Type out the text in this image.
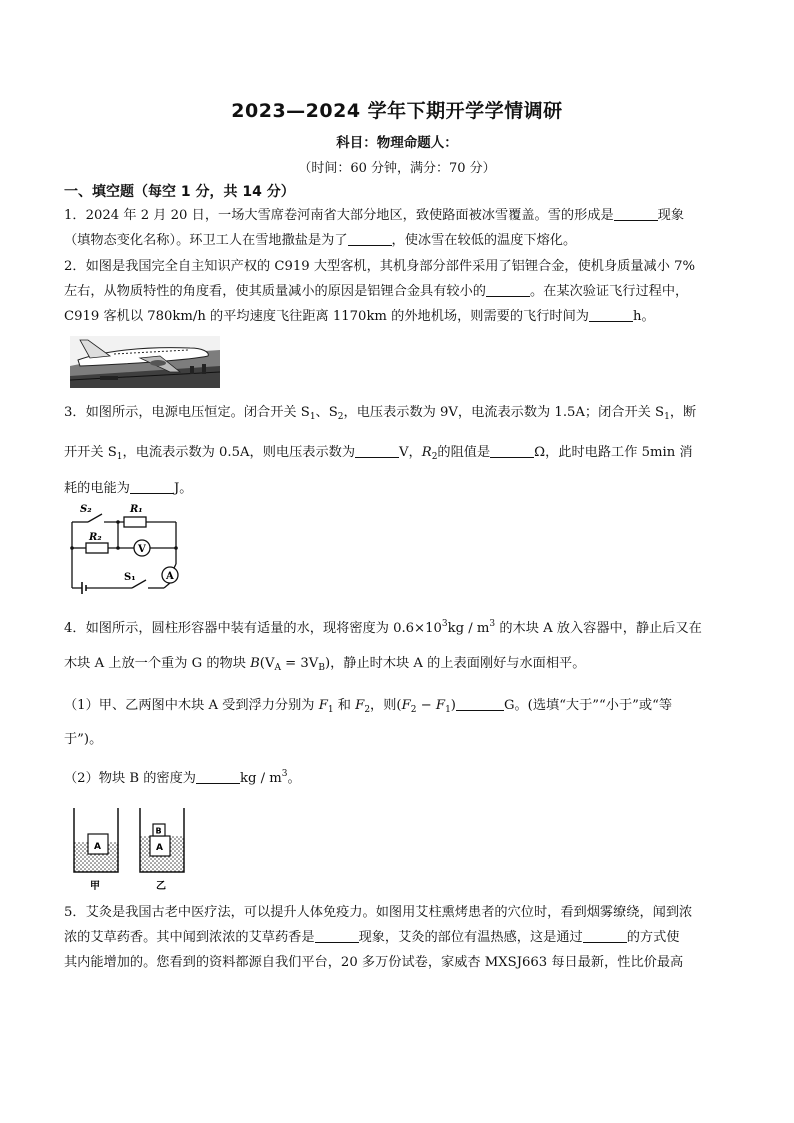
2023—2024 学年下期开学学情调研
科目：物理命题人：
（时间：60 分钟，满分：70 分）
一、填空题（每空 1 分，共 14 分）
1．2024 年 2 月 20 日，一场大雪席卷河南省大部分地区，致使路面被冰雪覆盖。雪的形成是	现象
（填物态变化名称）。环卫工人在雪地撒盐是为了	，使冰雪在较低的温度下熔化。
2．如图是我国完全自主知识产权的 C919 大型客机，其机身部分部件采用了铝锂合金，使机身质量减小 7%
左右，从物质特性的角度看，使其质量减小的原因是铝锂合金具有较小的	。在某次验证飞行过程中，
C919 客机以 780km/h 的平均速度飞往距离 1170km 的外地机场，则需要的飞行时间为	h。
3．如图所示，电源电压恒定。闭合开关 $S_1$、$S_2$，电压表示数为 9V，电流表示数为 1.5A；闭合开关 $S_1$，断
开开关 $S_1$，电流表示数为 0.5A，则电压表示数为	V，$R_2$的阻值是	Ω，此时电路工作 5min 消
耗的电能为	J。
S₂	R₁
R₂
V
S₁	A
4．如图所示，圆柱形容器中装有适量的水，现将密度为 $0.6\times 10^3kg / m^3$ 的木块 A 放入容器中，静止后又在
木块 A 上放一个重为 G 的物块 $B(V_A = 3V_B)$，静止时木块 A 的上表面刚好与水面相平。
（1）甲、乙两图中木块 A 受到浮力分别为 $F_1$ 和 $F_2$，则$(F_2 - F_1)$	G。(选填“大于”“小于”或“等
于”)。
（2）物块 B 的密度为	kg / $m^3$。
A	A
B
甲	乙
5．艾灸是我国古老中医疗法，可以提升人体免疫力。如图用艾柱熏烤患者的穴位时，看到烟雾缭绕，闻到浓
浓的艾草药香。其中闻到浓浓的艾草药香是	现象，艾灸的部位有温热感，这是通过	的方式使
其内能增加的。您看到的资料都源自我们平台，20 多万份试卷，家威杏 MXSJ663 每日最新，性比价最高
